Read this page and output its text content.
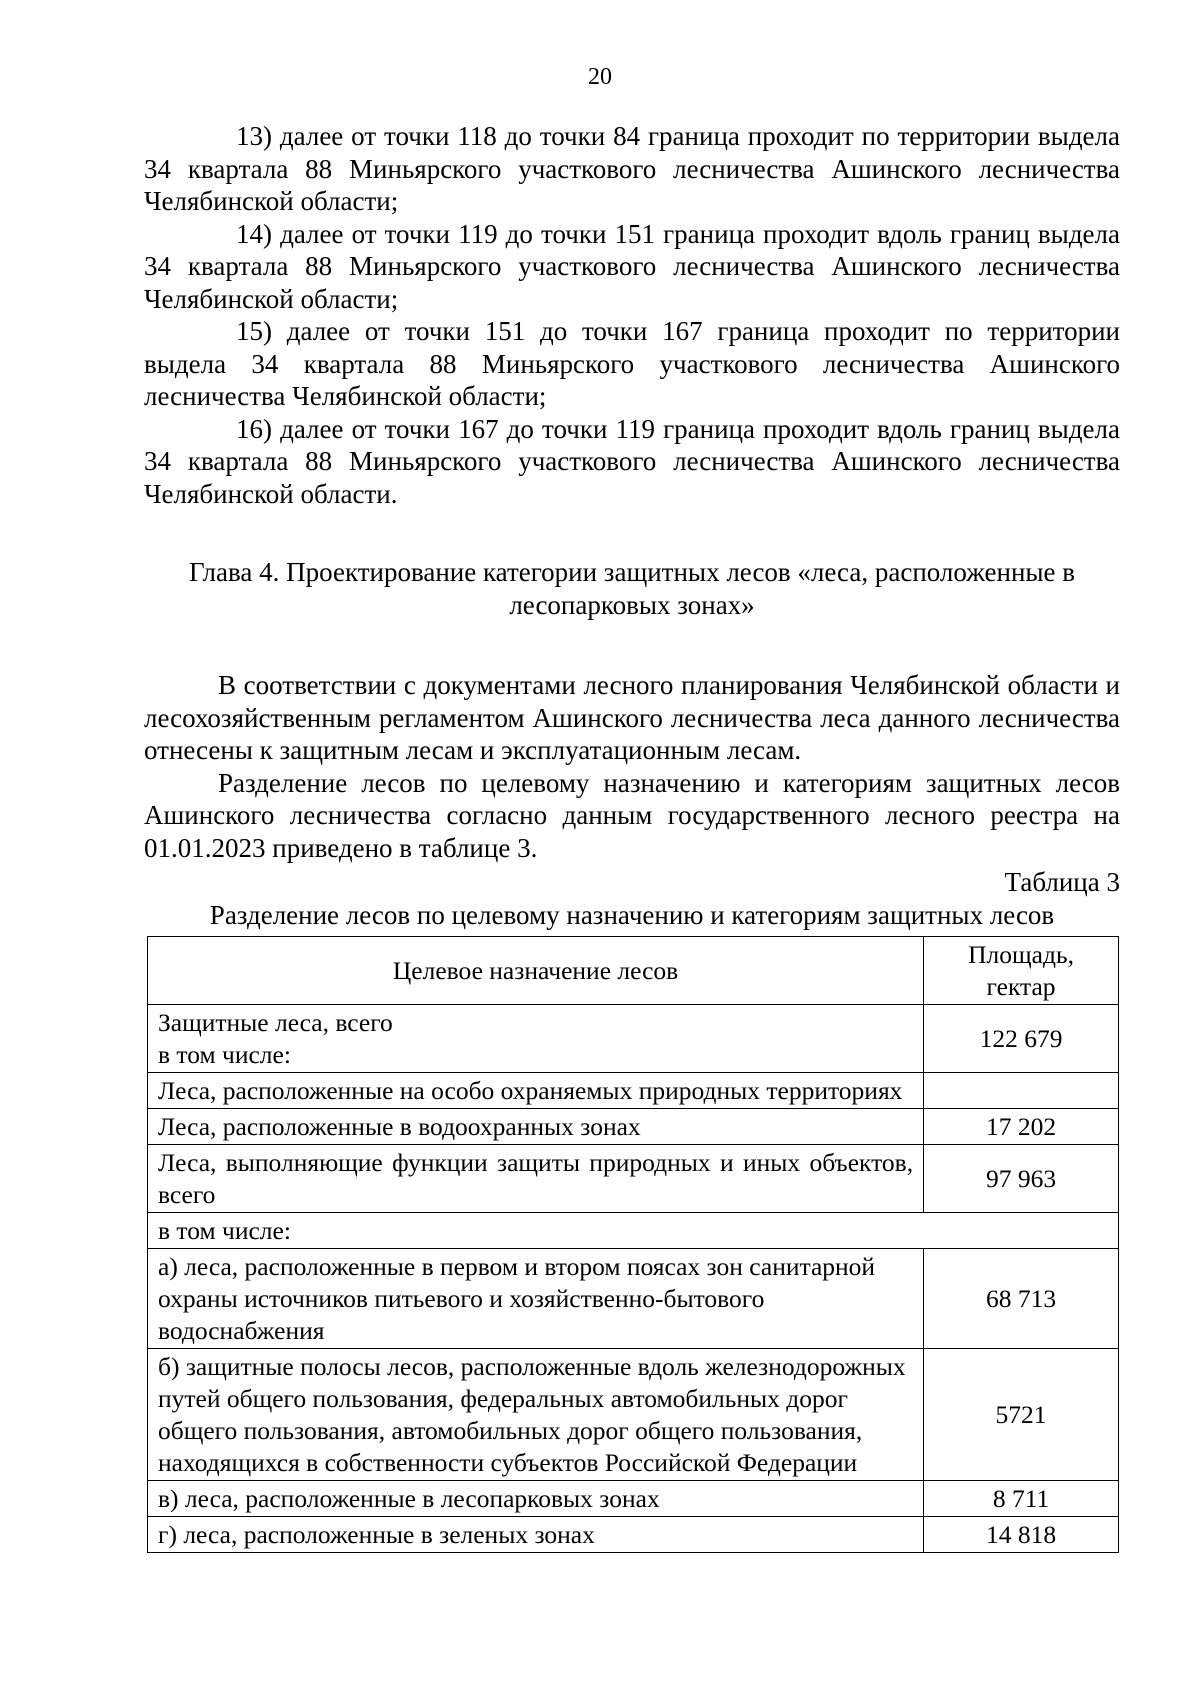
20

13) далее от точки 118 до точки 84 граница проходит по территории выдела 34 квартала 88 Миньярского участкового лесничества Ашинского лесничества Челябинской области;

14) далее от точки 119 до точки 151 граница проходит вдоль границ выдела 34 квартала 88 Миньярского участкового лесничества Ашинского лесничества Челябинской области;

15) далее от точки 151 до точки 167 граница проходит по территории выдела 34 квартала 88 Миньярского участкового лесничества Ашинского лесничества Челябинской области;

16) далее от точки 167 до точки 119 граница проходит вдоль границ выдела 34 квартала 88 Миньярского участкового лесничества Ашинского лесничества Челябинской области.

Глава 4. Проектирование категории защитных лесов «леса, расположенные в
лесопарковых зонах»

В соответствии с документами лесного планирования Челябинской области и лесохозяйственным регламентом Ашинского лесничества леса данного лесничества отнесены к защитным лесам и эксплуатационным лесам.

Разделение лесов по целевому назначению и категориям защитных лесов Ашинского лесничества согласно данным государственного лесного реестра на 01.01.2023 приведено в таблице 3.

Таблица 3
Разделение лесов по целевому назначению и категориям защитных лесов
Целевое назначение лесов	Площадь, гектар

Защитные леса, всего
в том числе:	122 679
Леса, расположенные на особо охраняемых природных территориях	
Леса, расположенные в водоохранных зонах	17 202
Леса, выполняющие функции защиты природных и иных объектов, всего	97 963
в том числе:	
а) леса, расположенные в первом и втором поясах зон санитарной охраны источников питьевого и хозяйственно-бытового водоснабжения	68 713
б) защитные полосы лесов, расположенные вдоль железнодорожных путей общего пользования, федеральных автомобильных дорог общего пользования, автомобильных дорог общего пользования, находящихся в собственности субъектов Российской Федерации	5721
в) леса, расположенные в лесопарковых зонах	8 711
г) леса, расположенные в зеленых зонах	14 818
